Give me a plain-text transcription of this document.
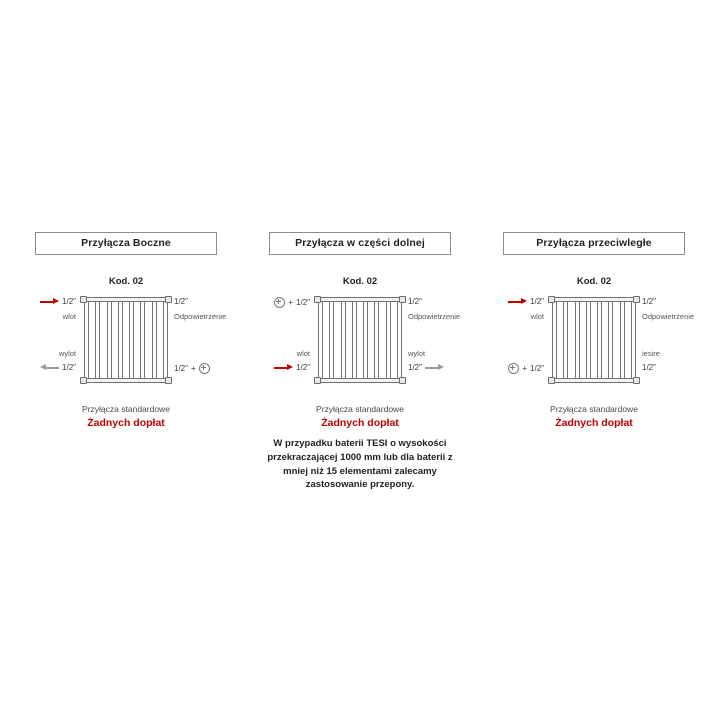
Przyłącza Boczne
Kod. 02
1/2"
wlot
1/2"
Odpowietrzenie
wylot
1/2"	1/2" +
Przyłącza standardowe
Żadnych dopłat
Przyłącza w części dolnej
Kod. 02
+ 1/2"	1/2"
Odpowietrzenie
wlot
1/2"
wylot
1/2"
Przyłącza standardowe
Żadnych dopłat
W przypadku baterii TESI o wysokości przekraczającej 1000 mm lub dla baterii z mniej niż 15 elementami zalecamy zastosowanie przepony.
Przyłącza przeciwległe
Kod. 02
1/2"
wlot
1/2"
Odpowietrzenie
+ 1/2"
iesire
1/2"
Przyłącza standardowe
Żadnych dopłat
